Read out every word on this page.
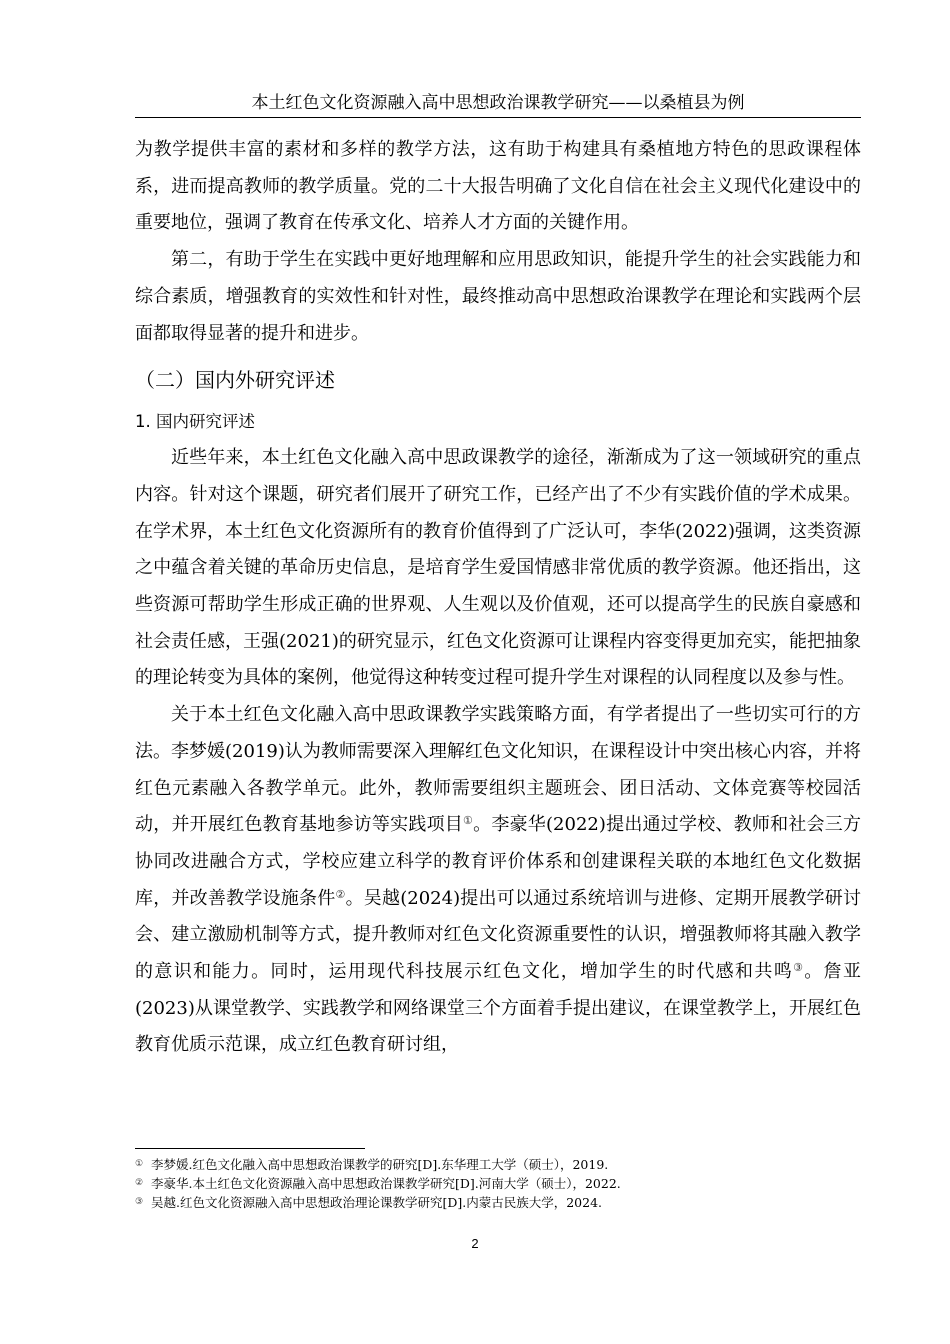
本土红色文化资源融入高中思想政治课教学研究——以桑植县为例

为教学提供丰富的素材和多样的教学方法，这有助于构建具有桑植地方特色的思政课程体系，进而提高教师的教学质量。党的二十大报告明确了文化自信在社会主义现代化建设中的重要地位，强调了教育在传承文化、培养人才方面的关键作用。

第二，有助于学生在实践中更好地理解和应用思政知识，能提升学生的社会实践能力和综合素质，增强教育的实效性和针对性，最终推动高中思想政治课教学在理论和实践两个层面都取得显著的提升和进步。

（二）国内外研究评述
1. 国内研究评述

近些年来，本土红色文化融入高中思政课教学的途径，渐渐成为了这一领域研究的重点内容。针对这个课题，研究者们展开了研究工作，已经产出了不少有实践价值的学术成果。在学术界，本土红色文化资源所有的教育价值得到了广泛认可，李华(2022)强调，这类资源之中蕴含着关键的革命历史信息，是培育学生爱国情感非常优质的教学资源。他还指出，这些资源可帮助学生形成正确的世界观、人生观以及价值观，还可以提高学生的民族自豪感和社会责任感，王强(2021)的研究显示，红色文化资源可让课程内容变得更加充实，能把抽象的理论转变为具体的案例，他觉得这种转变过程可提升学生对课程的认同程度以及参与性。

关于本土红色文化融入高中思政课教学实践策略方面，有学者提出了一些切实可行的方法。李梦媛(2019)认为教师需要深入理解红色文化知识，在课程设计中突出核心内容，并将红色元素融入各教学单元。此外，教师需要组织主题班会、团日活动、文体竞赛等校园活动，并开展红色教育基地参访等实践项目①。李豪华(2022)提出通过学校、教师和社会三方协同改进融合方式，学校应建立科学的教育评价体系和创建课程关联的本地红色文化数据库，并改善教学设施条件②。吴越(2024)提出可以通过系统培训与进修、定期开展教学研讨会、建立激励机制等方式，提升教师对红色文化资源重要性的认识，增强教师将其融入教学的意识和能力。同时，运用现代科技展示红色文化，增加学生的时代感和共鸣③。詹亚(2023)从课堂教学、实践教学和网络课堂三个方面着手提出建议，在课堂教学上，开展红色教育优质示范课，成立红色教育研讨组，

① 李梦媛.红色文化融入高中思想政治课教学的研究[D].东华理工大学（硕士），2019.
② 李豪华.本土红色文化资源融入高中思想政治课教学研究[D].河南大学（硕士），2022.
③ 吴越.红色文化资源融入高中思想政治理论课教学研究[D].内蒙古民族大学，2024.
2
